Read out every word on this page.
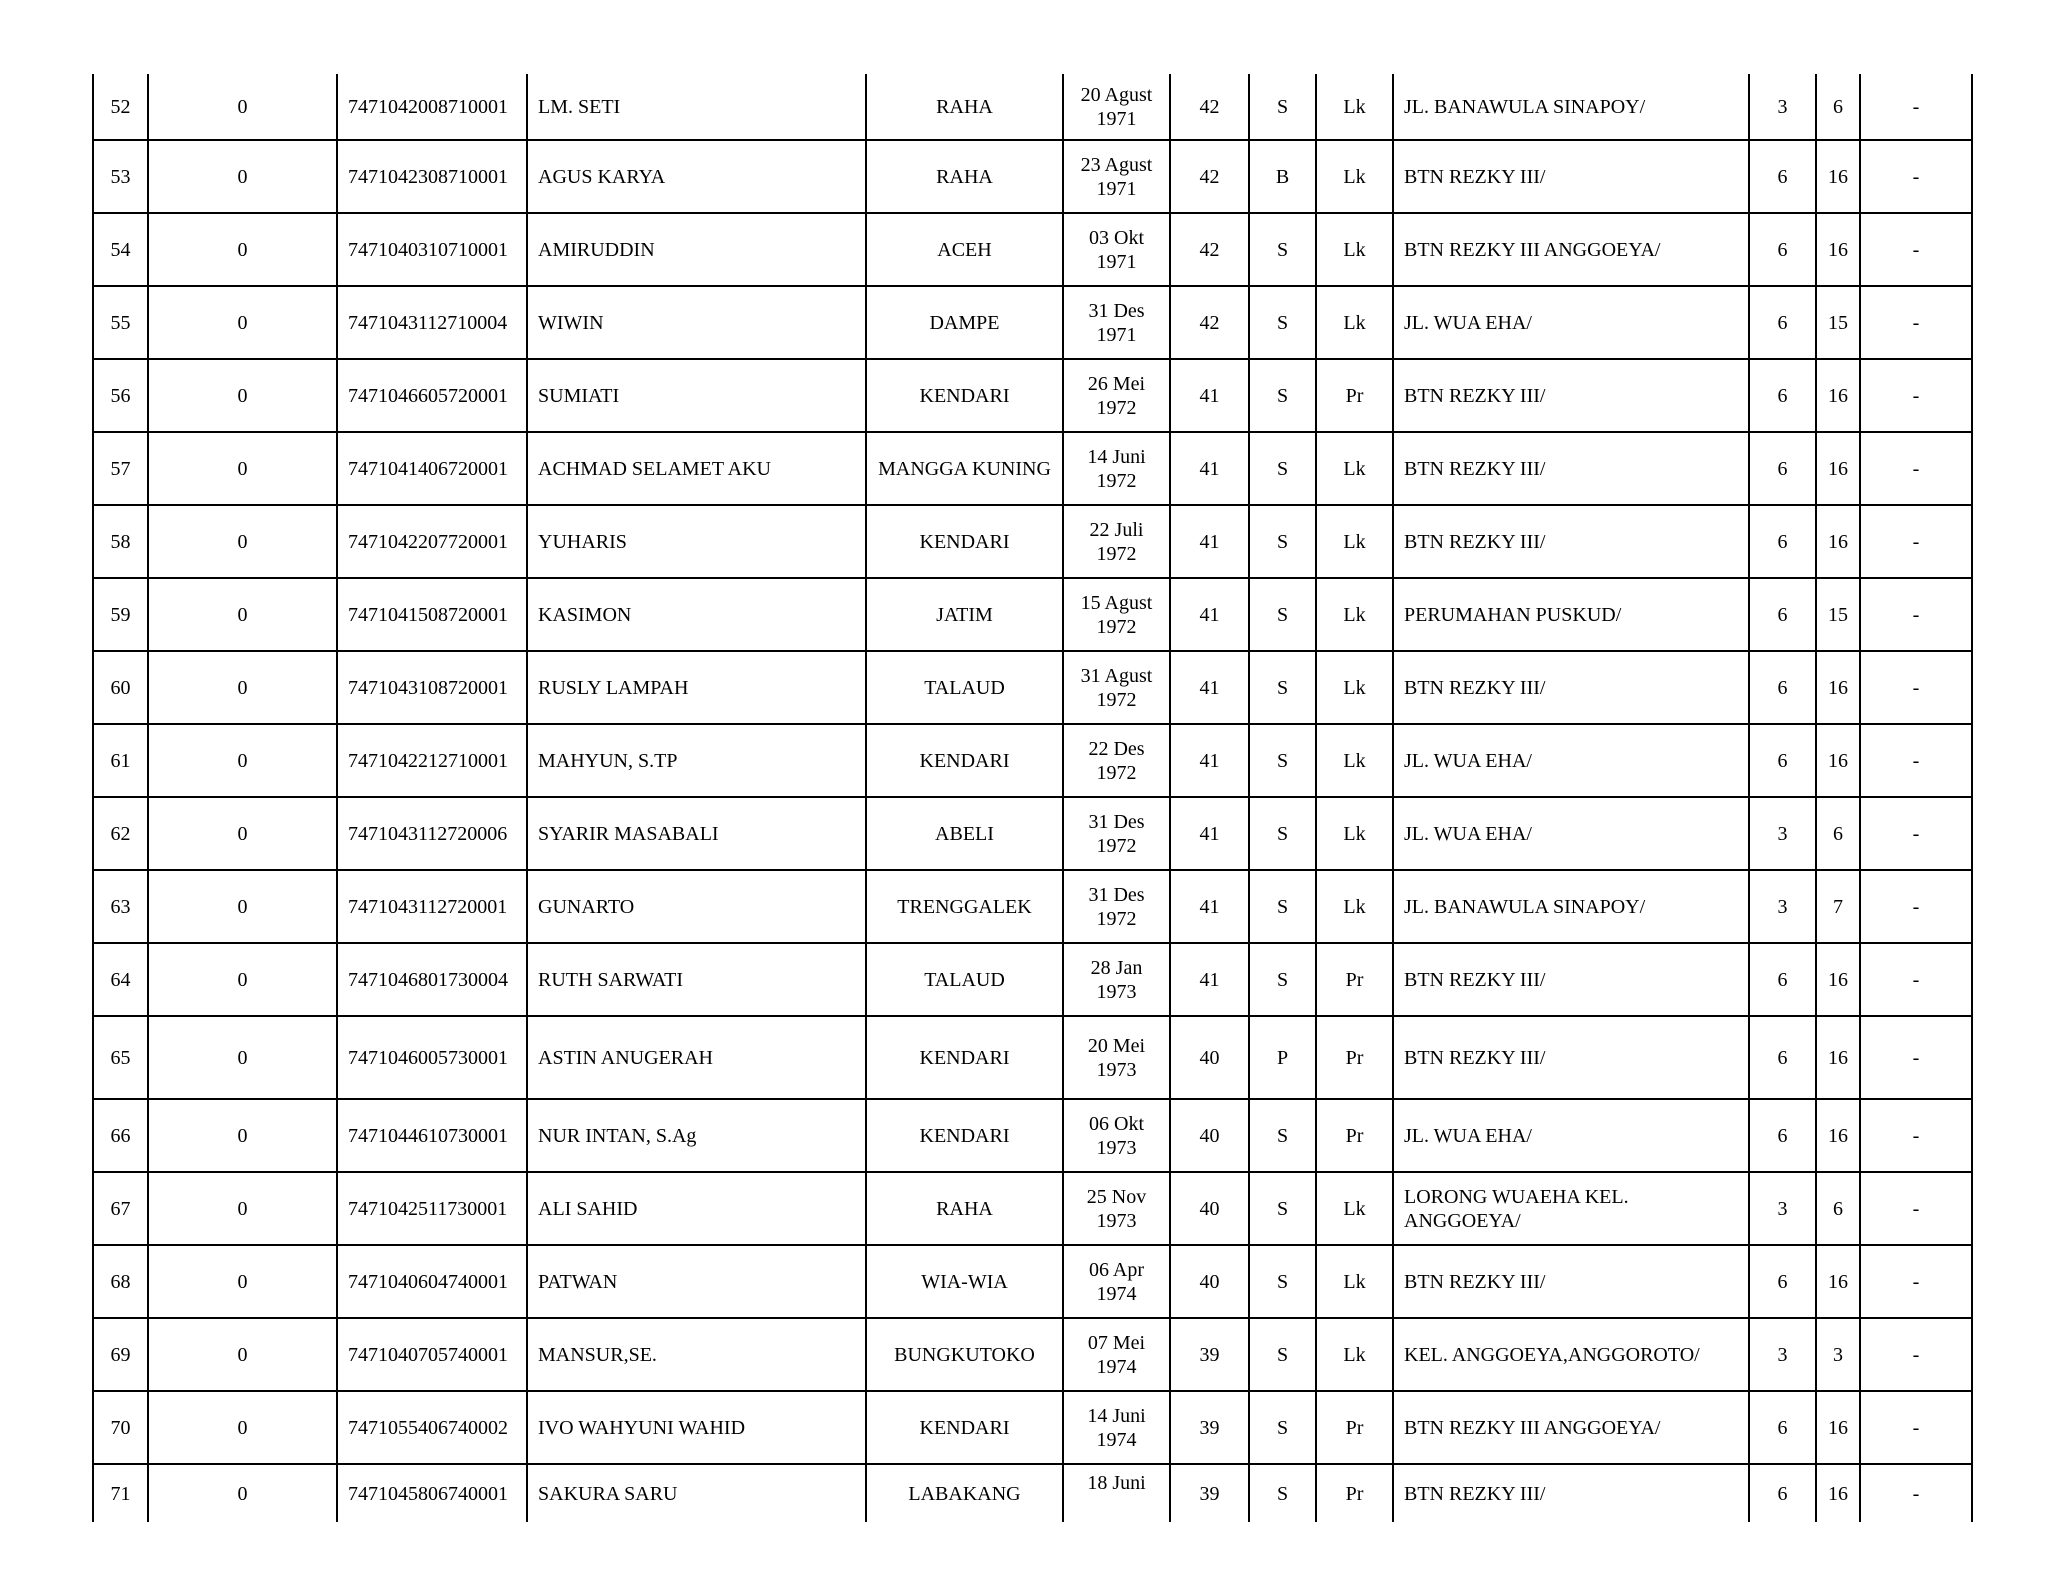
52	0	7471042008710001	LM. SETI	RAHA	20 Agust 1971	42	S	Lk	JL. BANAWULA SINAPOY/	3	6	-
53	0	7471042308710001	AGUS KARYA	RAHA	23 Agust 1971	42	B	Lk	BTN REZKY III/	6	16	-
54	0	7471040310710001	AMIRUDDIN	ACEH	03 Okt 1971	42	S	Lk	BTN REZKY III ANGGOEYA/	6	16	-
55	0	7471043112710004	WIWIN	DAMPE	31 Des 1971	42	S	Lk	JL. WUA EHA/	6	15	-
56	0	7471046605720001	SUMIATI	KENDARI	26 Mei 1972	41	S	Pr	BTN REZKY III/	6	16	-
57	0	7471041406720001	ACHMAD SELAMET AKU	MANGGA KUNING	14 Juni 1972	41	S	Lk	BTN REZKY III/	6	16	-
58	0	7471042207720001	YUHARIS	KENDARI	22 Juli 1972	41	S	Lk	BTN REZKY III/	6	16	-
59	0	7471041508720001	KASIMON	JATIM	15 Agust 1972	41	S	Lk	PERUMAHAN PUSKUD/	6	15	-
60	0	7471043108720001	RUSLY LAMPAH	TALAUD	31 Agust 1972	41	S	Lk	BTN REZKY III/	6	16	-
61	0	7471042212710001	MAHYUN, S.TP	KENDARI	22 Des 1972	41	S	Lk	JL. WUA EHA/	6	16	-
62	0	7471043112720006	SYARIR MASABALI	ABELI	31 Des 1972	41	S	Lk	JL. WUA EHA/	3	6	-
63	0	7471043112720001	GUNARTO	TRENGGALEK	31 Des 1972	41	S	Lk	JL. BANAWULA SINAPOY/	3	7	-
64	0	7471046801730004	RUTH SARWATI	TALAUD	28 Jan 1973	41	S	Pr	BTN REZKY III/	6	16	-
65	0	7471046005730001	ASTIN ANUGERAH	KENDARI	20 Mei 1973	40	P	Pr	BTN REZKY III/	6	16	-
66	0	7471044610730001	NUR INTAN, S.Ag	KENDARI	06 Okt 1973	40	S	Pr	JL. WUA EHA/	6	16	-
67	0	7471042511730001	ALI SAHID	RAHA	25 Nov 1973	40	S	Lk	LORONG WUAEHA KEL. ANGGOEYA/	3	6	-
68	0	7471040604740001	PATWAN	WIA-WIA	06 Apr 1974	40	S	Lk	BTN REZKY III/	6	16	-
69	0	7471040705740001	MANSUR,SE.	BUNGKUTOKO	07 Mei 1974	39	S	Lk	KEL. ANGGOEYA,ANGGOROTO/	3	3	-
70	0	7471055406740002	IVO WAHYUNI WAHID	KENDARI	14 Juni 1974	39	S	Pr	BTN REZKY III ANGGOEYA/	6	16	-
71	0	7471045806740001	SAKURA SARU	LABAKANG	18 Juni	39	S	Pr	BTN REZKY III/	6	16	-
